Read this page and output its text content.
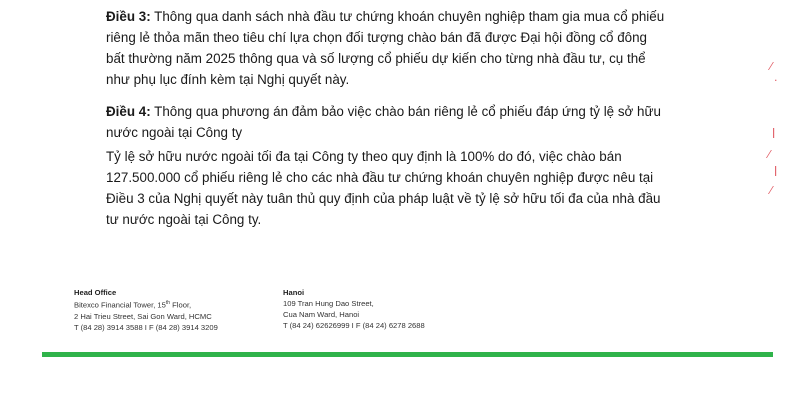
Điều 3: Thông qua danh sách nhà đầu tư chứng khoán chuyên nghiệp tham gia mua cổ phiếu
riêng lẻ thỏa mãn theo tiêu chí lựa chọn đối tượng chào bán đã được Đại hội đồng cổ đông
bất thường năm 2025 thông qua và số lượng cổ phiếu dự kiến cho từng nhà đầu tư, cụ thể
như phụ lục đính kèm tại Nghị quyết này.
Điều 4: Thông qua phương án đảm bảo việc chào bán riêng lẻ cổ phiếu đáp ứng tỷ lệ sở hữu
nước ngoài tại Công ty
Tỷ lệ sở hữu nước ngoài tối đa tại Công ty theo quy định là 100% do đó, việc chào bán
127.500.000 cổ phiếu riêng lẻ cho các nhà đầu tư chứng khoán chuyên nghiệp được nêu tại
Điều 3 của Nghị quyết này tuân thủ quy định của pháp luật về tỷ lệ sở hữu tối đa của nhà đầu
tư nước ngoài tại Công ty.
Head Office
Bitexco Financial Tower, 15th Floor,
2 Hai Trieu Street, Sai Gon Ward, HCMC
T (84 28) 3914 3588 I F (84 28) 3914 3209
Hanoi
109 Tran Hung Dao Street,
Cua Nam Ward, Hanoi
T (84 24) 62626999 I F (84 24) 6278 2688
⁄
·
ǀ
⁄
ǀ
⁄
